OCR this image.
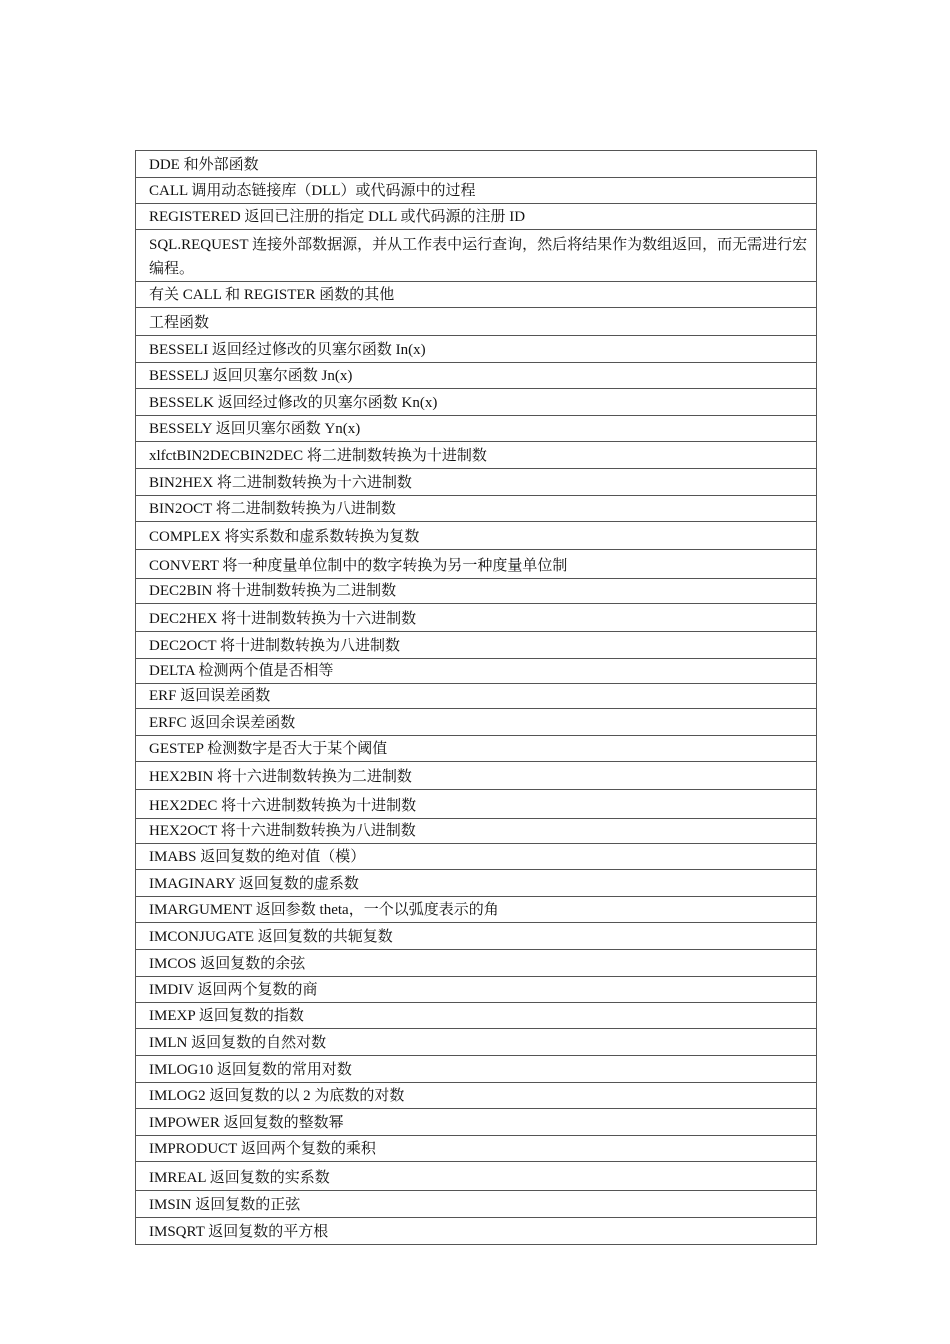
DDE 和外部函数
CALL 调用动态链接库（DLL）或代码源中的过程
REGISTERED 返回已注册的指定 DLL 或代码源的注册 ID
SQL.REQUEST 连接外部数据源，并从工作表中运行查询，然后将结果作为数组返回，而无需进行宏编程。
有关 CALL 和 REGISTER 函数的其他
工程函数
BESSELI 返回经过修改的贝塞尔函数 In(x)
BESSELJ 返回贝塞尔函数 Jn(x)
BESSELK 返回经过修改的贝塞尔函数 Kn(x)
BESSELY 返回贝塞尔函数 Yn(x)
xlfctBIN2DECBIN2DEC 将二进制数转换为十进制数
BIN2HEX 将二进制数转换为十六进制数
BIN2OCT 将二进制数转换为八进制数
COMPLEX 将实系数和虚系数转换为复数
CONVERT 将一种度量单位制中的数字转换为另一种度量单位制
DEC2BIN 将十进制数转换为二进制数
DEC2HEX 将十进制数转换为十六进制数
DEC2OCT 将十进制数转换为八进制数
DELTA 检测两个值是否相等
ERF 返回误差函数
ERFC 返回余误差函数
GESTEP 检测数字是否大于某个阈值
HEX2BIN 将十六进制数转换为二进制数
HEX2DEC 将十六进制数转换为十进制数
HEX2OCT 将十六进制数转换为八进制数
IMABS 返回复数的绝对值（模）
IMAGINARY 返回复数的虚系数
IMARGUMENT 返回参数 theta，一个以弧度表示的角
IMCONJUGATE 返回复数的共轭复数
IMCOS 返回复数的余弦
IMDIV 返回两个复数的商
IMEXP 返回复数的指数
IMLN 返回复数的自然对数
IMLOG10 返回复数的常用对数
IMLOG2 返回复数的以 2 为底数的对数
IMPOWER 返回复数的整数幂
IMPRODUCT 返回两个复数的乘积
IMREAL 返回复数的实系数
IMSIN 返回复数的正弦
IMSQRT 返回复数的平方根
